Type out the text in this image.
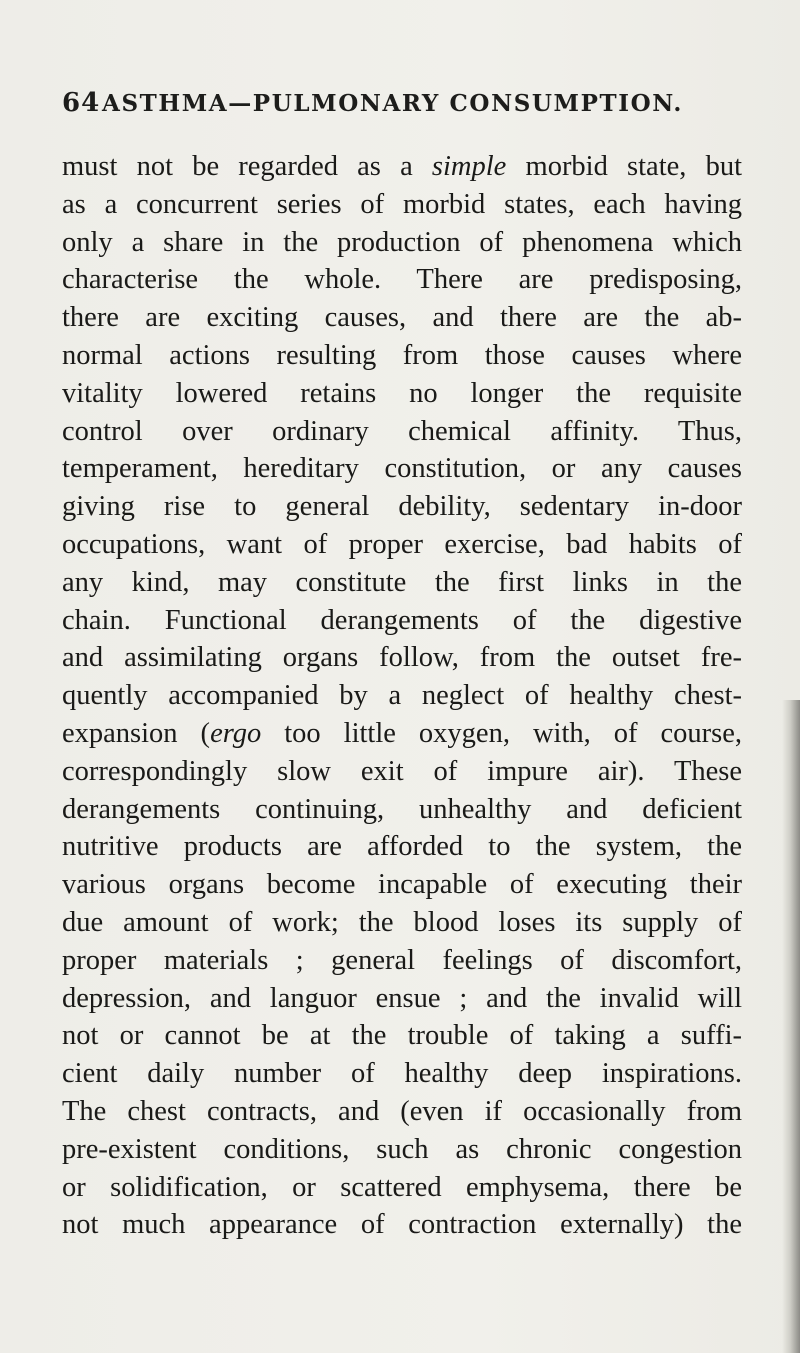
64 ASTHMA—PULMONARY CONSUMPTION.
must not be regarded as a simple morbid state, but
as a concurrent series of morbid states, each having
only a share in the production of phenomena which
characterise the whole. There are predisposing,
there are exciting causes, and there are the ab-
normal actions resulting from those causes where
vitality lowered retains no longer the requisite
control over ordinary chemical affinity. Thus,
temperament, hereditary constitution, or any causes
giving rise to general debility, sedentary in-door
occupations, want of proper exercise, bad habits of
any kind, may constitute the first links in the
chain. Functional derangements of the digestive
and assimilating organs follow, from the outset fre-
quently accompanied by a neglect of healthy chest-
expansion (ergo too little oxygen, with, of course,
correspondingly slow exit of impure air). These
derangements continuing, unhealthy and deficient
nutritive products are afforded to the system, the
various organs become incapable of executing their
due amount of work; the blood loses its supply of
proper materials ; general feelings of discomfort,
depression, and languor ensue ; and the invalid will
not or cannot be at the trouble of taking a suffi-
cient daily number of healthy deep inspirations.
The chest contracts, and (even if occasionally from
pre-existent conditions, such as chronic congestion
or solidification, or scattered emphysema, there be
not much appearance of contraction externally) the
